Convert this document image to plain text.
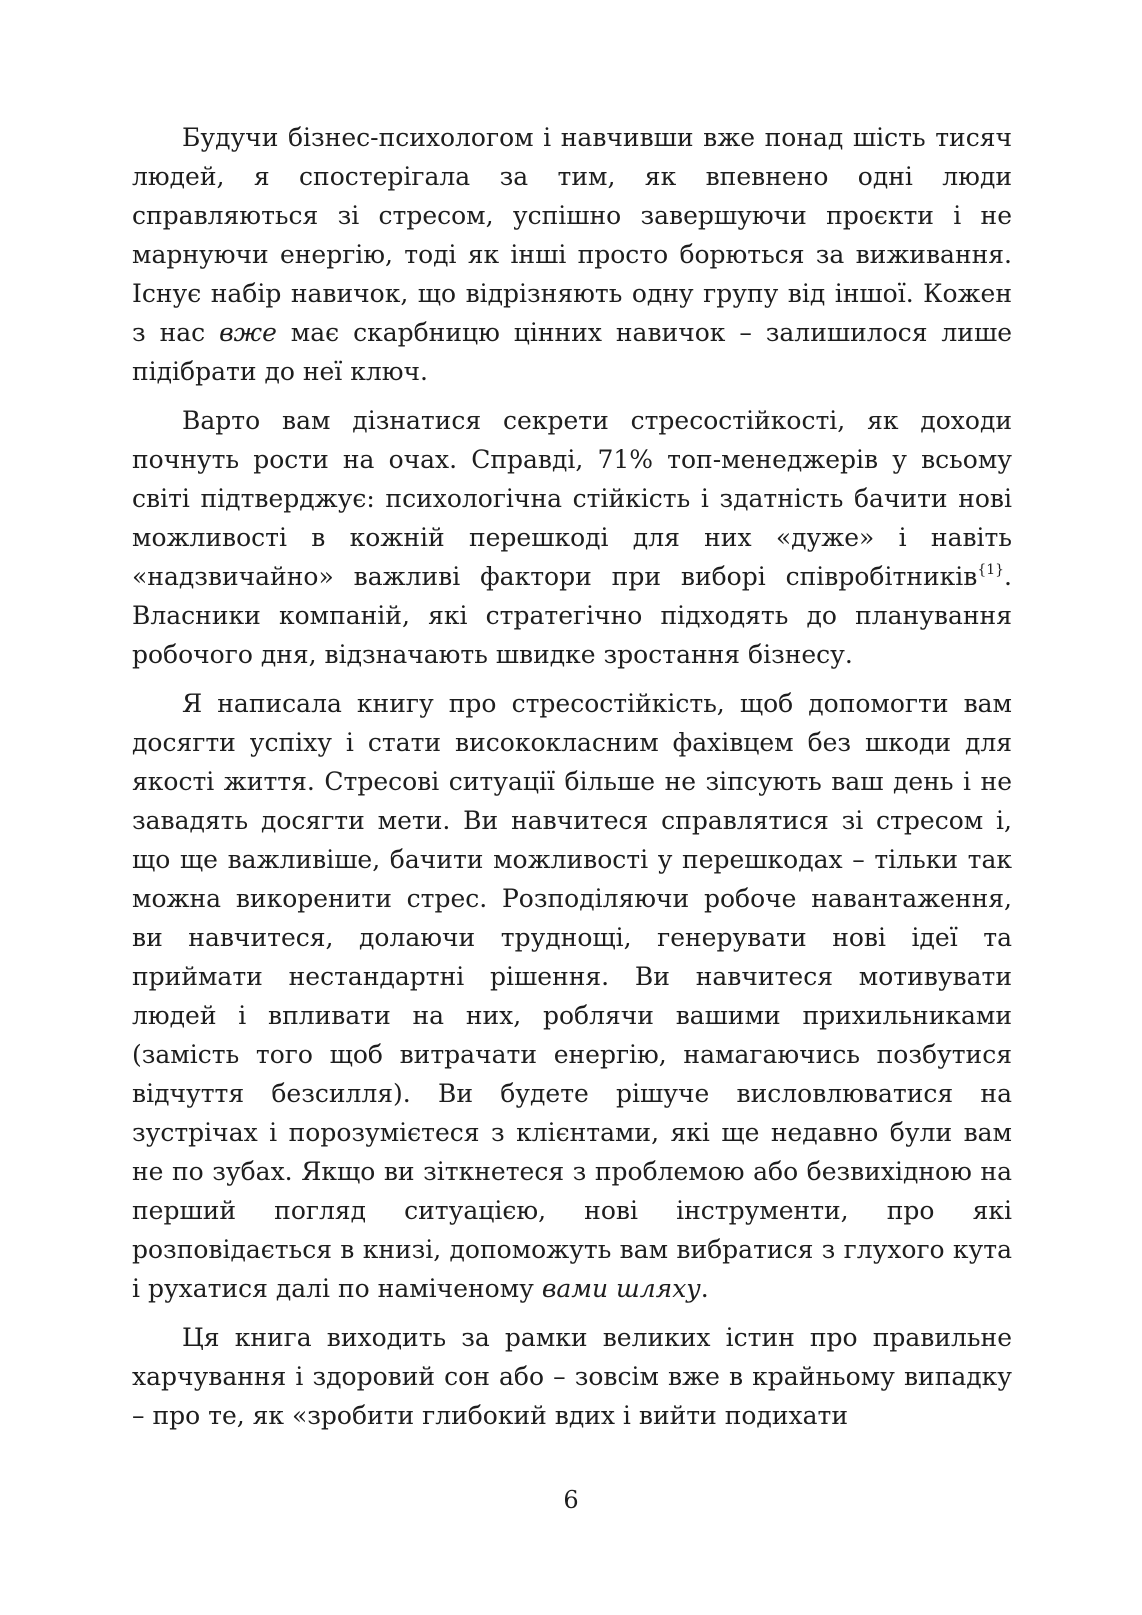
Будучи бізнес-психологом і навчивши вже понад шість тисяч людей, я спостерігала за тим, як впевнено одні люди справляються зі стресом, успішно завершуючи проєкти і не марнуючи енергію, тоді як інші просто борються за виживання. Існує набір навичок, що відрізняють одну групу від іншої. Кожен з нас вже має скарбницю цінних навичок – залишилося лише підібрати до неї ключ.

Варто вам дізнатися секрети стресостійкості, як доходи почнуть рости на очах. Справді, 71% топ-менеджерів у всьому світі підтверджує: психологічна стійкість і здатність бачити нові можливості в кожній перешкоді для них «дуже» і навіть «надзвичайно» важливі фактори при виборі співробітників$^{\{1\}}$. Власники компаній, які стратегічно підходять до планування робочого дня, відзначають швидке зростання бізнесу.

Я написала книгу про стресостійкість, щоб допомогти вам досягти успіху і стати висококласним фахівцем без шкоди для якості життя. Стресові ситуації більше не зіпсують ваш день і не завадять досягти мети. Ви навчитеся справлятися зі стресом і, що ще важливіше, бачити можливості у перешкодах – тільки так можна викоренити стрес. Розподіляючи робоче навантаження, ви навчитеся, долаючи труднощі, генерувати нові ідеї та приймати нестандартні рішення. Ви навчитеся мотивувати людей і впливати на них, роблячи вашими прихильниками (замість того щоб витрачати енергію, намагаючись позбутися відчуття безсилля). Ви будете рішуче висловлюватися на зустрічах і порозумієтеся з клієнтами, які ще недавно були вам не по зубах. Якщо ви зіткнетеся з проблемою або безвихідною на перший погляд ситуацією, нові інструменти, про які розповідається в книзі, допоможуть вам вибратися з глухого кута і рухатися далі по наміченому вами шляху.

Ця книга виходить за рамки великих істин про правильне харчування і здоровий сон або – зовсім вже в крайньому випадку – про те, як «зробити глибокий вдих і вийти подихати

6
